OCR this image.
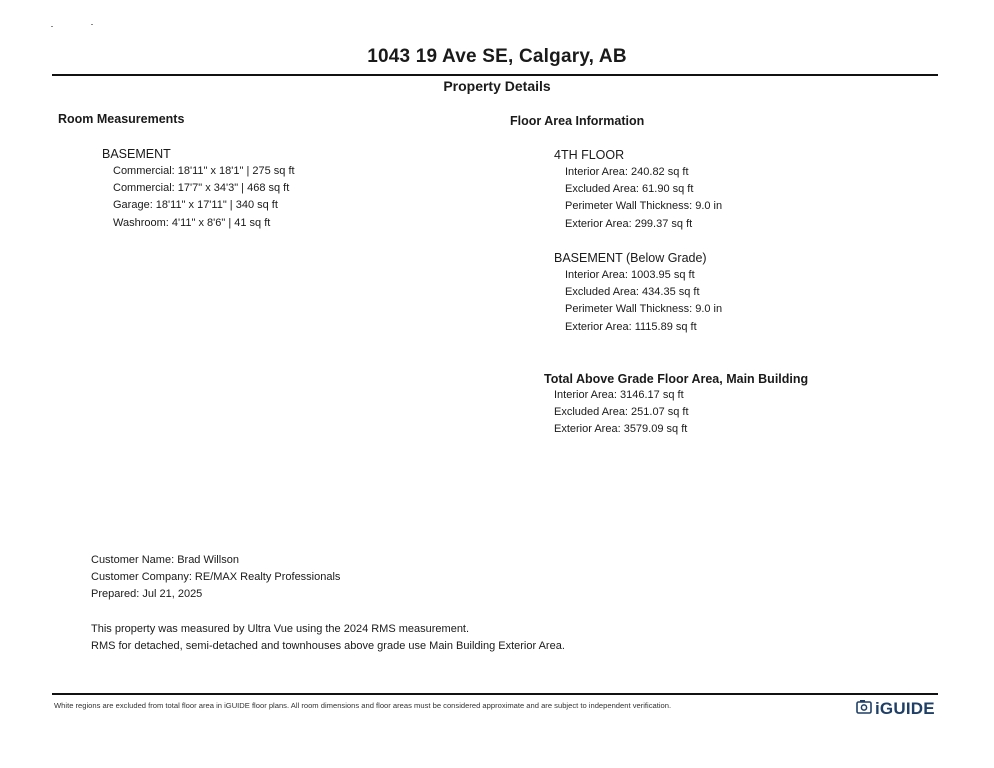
1043 19 Ave SE, Calgary, AB
Property Details
Room Measurements
BASEMENT
Commercial: 18'11" x 18'1" | 275 sq ft
Commercial: 17'7" x 34'3" | 468 sq ft
Garage: 18'11" x 17'11" | 340 sq ft
Washroom: 4'11" x 8'6" | 41 sq ft
Floor Area Information
4TH FLOOR
Interior Area: 240.82 sq ft
Excluded Area: 61.90 sq ft
Perimeter Wall Thickness: 9.0 in
Exterior Area: 299.37 sq ft
BASEMENT (Below Grade)
Interior Area: 1003.95 sq ft
Excluded Area: 434.35 sq ft
Perimeter Wall Thickness: 9.0 in
Exterior Area: 1115.89 sq ft
Total Above Grade Floor Area, Main Building
Interior Area: 3146.17 sq ft
Excluded Area: 251.07 sq ft
Exterior Area: 3579.09 sq ft
Customer Name: Brad Willson
Customer Company: RE/MAX Realty Professionals
Prepared: Jul 21, 2025
This property was measured by Ultra Vue using the 2024 RMS measurement.
RMS for detached, semi-detached and townhouses above grade use Main Building Exterior Area.
White regions are excluded from total floor area in iGUIDE floor plans. All room dimensions and floor areas must be considered approximate and are subject to independent verification.	iGUIDE
